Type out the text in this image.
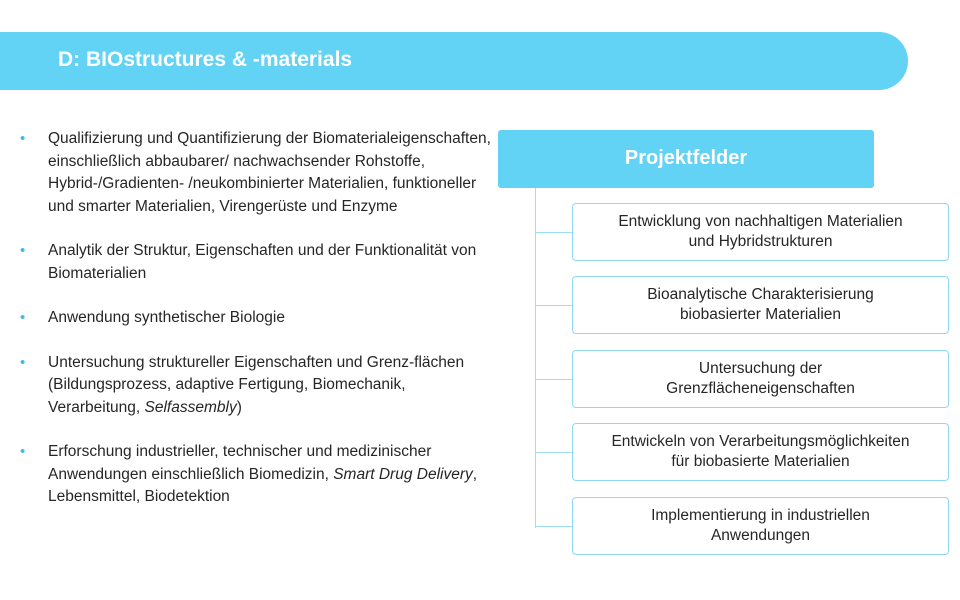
D: BIOstructures & -materials
• Qualifizierung und Quantifizierung der Biomaterialeigenschaften, einschließlich abbaubarer/ nachwachsender Rohstoffe, Hybrid-/Gradienten- /neukombinierter Materialien, funktioneller und smarter Materialien, Virengerüste und Enzyme
• Analytik der Struktur, Eigenschaften und der Funktionalität von Biomaterialien
• Anwendung synthetischer Biologie
• Untersuchung struktureller Eigenschaften und Grenz-flächen (Bildungsprozess, adaptive Fertigung, Biomechanik, Verarbeitung, Selfassembly)
• Erforschung industrieller, technischer und medizinischer Anwendungen einschließlich Biomedizin, Smart Drug Delivery, Lebensmittel, Biodetektion
Projektfelder
Entwicklung von nachhaltigen Materialien
und Hybridstrukturen
Bioanalytische Charakterisierung
biobasierter Materialien
Untersuchung der
Grenzflächeneigenschaften
Entwickeln von Verarbeitungsmöglichkeiten
für biobasierte Materialien
Implementierung in industriellen
Anwendungen
